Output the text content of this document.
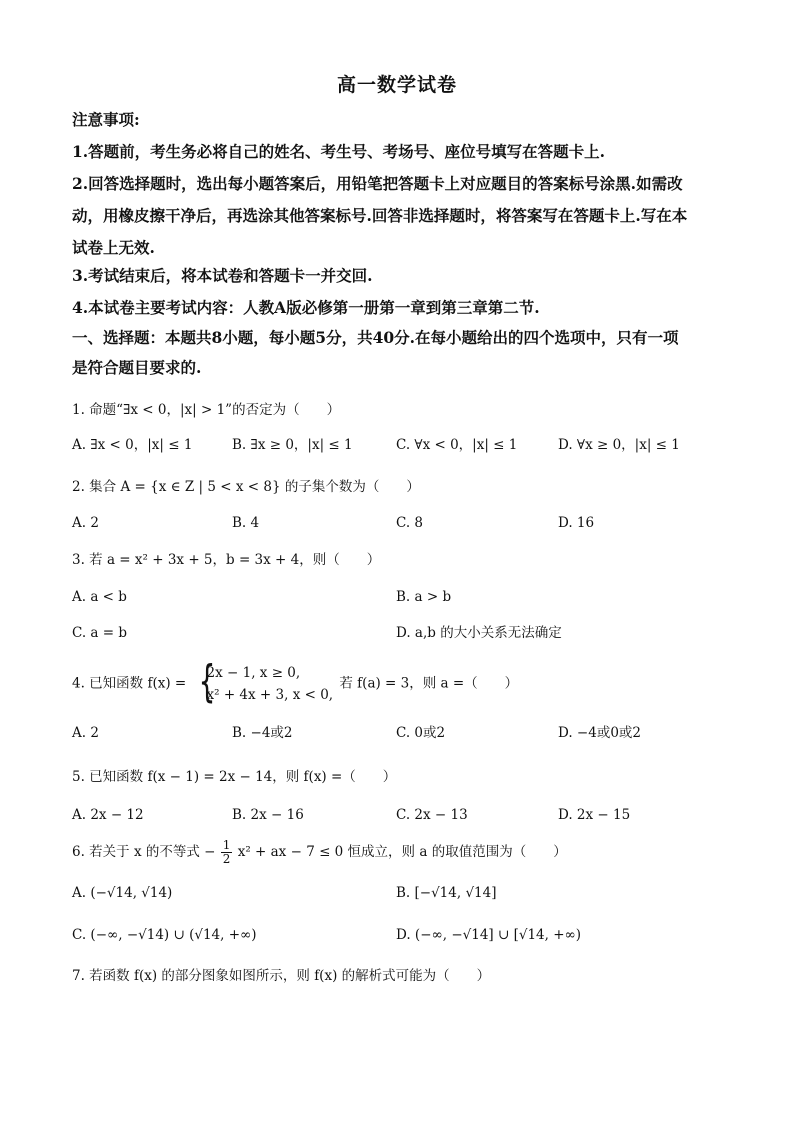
高一数学试卷
注意事项:
1.答题前，考生务必将自己的姓名、考生号、考场号、座位号填写在答题卡上.
2.回答选择题时，选出每小题答案后，用铅笔把答题卡上对应题目的答案标号涂黑.如需改
动，用橡皮擦干净后，再选涂其他答案标号.回答非选择题时，将答案写在答题卡上.写在本
试卷上无效.
3.考试结束后，将本试卷和答题卡一并交回.
4.本试卷主要考试内容：人教A版必修第一册第一章到第三章第二节.
一、选择题：本题共8小题，每小题5分，共40分.在每小题给出的四个选项中，只有一项
是符合题目要求的.
1. 命题“∃x < 0，|x| > 1”的否定为（　　）
A. ∃x < 0，|x| ≤ 1	B. ∃x ≥ 0，|x| ≤ 1	C. ∀x < 0，|x| ≤ 1	D. ∀x ≥ 0，|x| ≤ 1
2. 集合 A = {x ∈ Z | 5 < x < 8} 的子集个数为（　　）
A. 2	B. 4	C. 8	D. 16
3. 若 a = x² + 3x + 5，b = 3x + 4，则（　　）
A. a < b	B. a > b
C. a = b	D. a,b 的大小关系无法确定
4. 已知函数 f(x) = {
2x − 1, x ≥ 0,
x² + 4x + 3, x < 0,
若 f(a) = 3，则 a =（　　）
A. 2	B. −4或2	C. 0或2	D. −4或0或2
5. 已知函数 f(x − 1) = 2x − 14，则 f(x) =（　　）
A. 2x − 12	B. 2x − 16	C. 2x − 13	D. 2x − 15
6. 若关于 x 的不等式 − $\frac{1}{2} x^2$ + ax − 7 ≤ 0 恒成立，则 a 的取值范围为（　　）
A. (−√14, √14)	B. [−√14, √14]
C. (−∞, −√14) ∪ (√14, +∞)	D. (−∞, −√14] ∪ [√14, +∞)
7. 若函数 f(x) 的部分图象如图所示，则 f(x) 的解析式可能为（　　）
